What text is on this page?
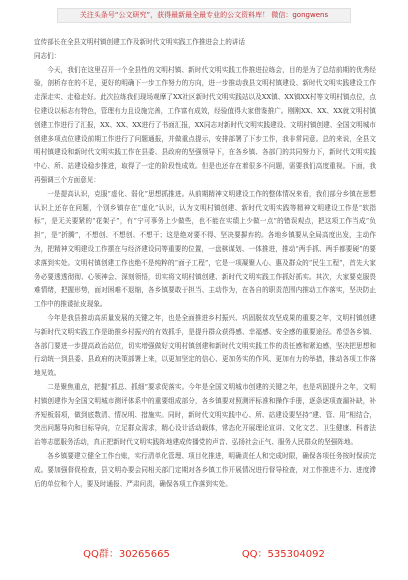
关注头条号“公文研究”，获得最新最全最专业的公文资料库！ 微信：gongwens

宜传部长在全县文明村镇创建工作及新时代文明实践工作推进会上的讲话

同志们：

今天，我们在这里召开一个全县性的文明村镇、新时代文明实践工作推进拉练会，目的是为了总结前期的优秀经验，剖析存在的不足，更好的明确下一步工作努力的方向，进一步推动我县文明村镇建设、新时代文明实践建设工作走深走实、走稳走好。此次拉练我们现场观摩了XX社区新时代文明实践站以及XX镇、XX镇XX村等文明村镇点位，点位建设以标志有特色，管理有力且设施完善，工作富有成效，经验值得大家借鉴推广。刚刚XX、XX、XX就文明村镇创建工作进行了汇报，XX、XX、XX进行了书面汇报，XX同志对新时代文明实践建设、文明村镇创建、全国文明城市创建多项点位建设前期工作进行了问题通报，并做重点提示，安排部署了下步工作，我非常同意。总的来说，全县文明村镇建设和新时代文明实践工作在县委、县政府的坚强领导下，在各乡镇、各部门的共同努力下，新时代文明实践中心、所、站建设稳步推进，取得了一定的阶段性成效。但是也还存在着很多不问题，需要我们高度重视。下面，我再强调三个方面意见：

一是提高认识，克服“虚化、弱化”思想抓推进。从前期精神文明建设工作的整体情况来看，我们部分乡镇在思想认识上还存在问题，个别乡镇存在“虚化”认识，认为文明村镇创建、新时代文明实践等精神文明建设工作是“软指标”，是无关要紧的“花架子”，有“宁可事务上少做些，也不能在实绩上少做一点”的错误观点，把这项工作当成“负担”，是“折腾”，不想创、不想创、不想干；这是绝对要不得、坚决要摒弃的。各地乡镇要从全局高度出发，主动作为，把精神文明建设工作摆在与经济建设同等重要的位置，一盘棋谋划、一体推进，推动“两手抓、两手都要硬”的要求落到实处。文明村镇创建工作也绝不是纯粹的“面子工程”，它是一项凝聚人心、惠及群众的“民生工程”，首先大家务必要透透彻彻、心领神会、深刻领悟，切实将文明村镇创建、新时代文明实践工作抓好抓实。其次，大家要克服畏难情绪，把握形势，面对困难不退缩，各乡镇要敢于担当、主动作为，在各自的职责范围内推动工作落实，坚决防止工作中的推诿扯皮现象。

今年是我县推动高质量发展的关键之年，也是全面推进乡村振兴、巩固脱贫攻坚成果的重要之年，文明村镇创建与新时代文明实践工作是助推乡村振兴的有效抓手，是提升群众获得感、幸福感、安全感的重要途径。希望各乡镇、各部门要进一步提高政治站位，切实增强做好文明村镇创建和新时代文明实践工作的责任感和紧迫感，坚决把思想和行动统一到县委、县政府的决策部署上来，以更加坚定的信心、更加务实的作风、更加有力的举措，推动各项工作落地见效。

二是聚焦重点，把握“抓总、抓细”要求促落实。今年是全国文明城市创建的关键之年，也是巩固提升之年，文明村镇创建作为全国文明城市测评体系中的重要组成部分，各乡镇要对照测评标准和操作手册，逐条逐项查漏补缺，补齐短板弱项，做到底数清、情况明、措施实。同时，新时代文明实践中心、所、站建设要坚持“建、管、用”相结合，突出问题导向和目标导向，立足群众需求，精心设计活动载体，常态化开展理论宣讲、文化文艺、卫生健康、科普法治等志愿服务活动，真正把新时代文明实践阵地建成传播党的声音、弘扬社会正气、服务人民群众的坚强阵地。

各乡镇要建立健全工作台账，实行清单化管理、项目化推进，明确责任人和完成时限，确保各项任务按时保质完成。要加强督促检查，县文明办要会同相关部门定期对各乡镇工作开展情况进行督导检查，对工作推进不力、进度滞后的单位和个人，要及时通报、严肃问责，确保各项工作落到实处。

QQ群：30265665	QQ：535304092
